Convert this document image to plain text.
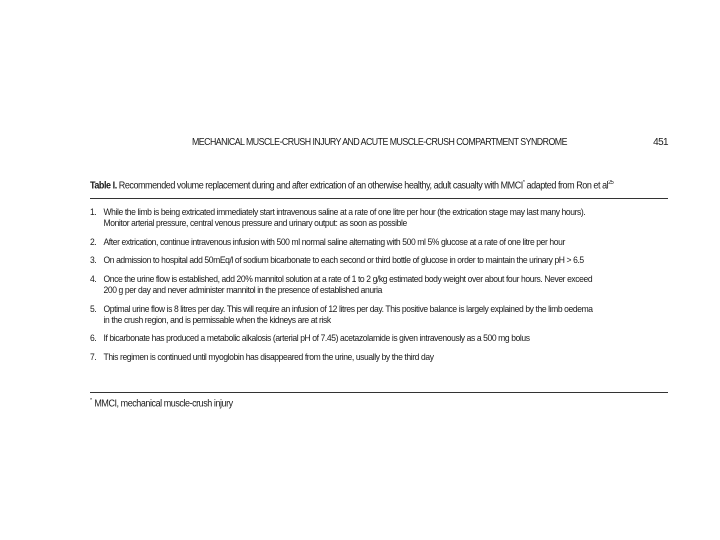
MECHANICAL MUSCLE-CRUSH INJURY AND ACUTE MUSCLE-CRUSH COMPARTMENT SYNDROME	451
Table I. Recommended volume replacement during and after extrication of an otherwise healthy, adult casualty with MMCI* adapted from Ron et $al^{25}$
1. While the limb is being extricated immediately start intravenous saline at a rate of one litre per hour (the extrication stage may last many hours).
Monitor arterial pressure, central venous pressure and urinary output: as soon as possible
2. After extrication, continue intravenous infusion with 500 ml normal saline alternating with 500 ml 5% glucose at a rate of one litre per hour
3. On admission to hospital add 50mEq/l of sodium bicarbonate to each second or third bottle of glucose in order to maintain the urinary pH > 6.5
4. Once the urine flow is established, add 20% mannitol solution at a rate of 1 to 2 g/kg estimated body weight over about four hours. Never exceed
200 g per day and never administer mannitol in the presence of established anuria
5. Optimal urine flow is 8 litres per day. This will require an infusion of 12 litres per day. This positive balance is largely explained by the limb oedema
in the crush region, and is permissable when the kidneys are at risk
6. If bicarbonate has produced a metabolic alkalosis (arterial pH of 7.45) acetazolamide is given intravenously as a 500 mg bolus
7. This regimen is continued until myoglobin has disappeared from the urine, usually by the third day
* MMCI, mechanical muscle-crush injury
